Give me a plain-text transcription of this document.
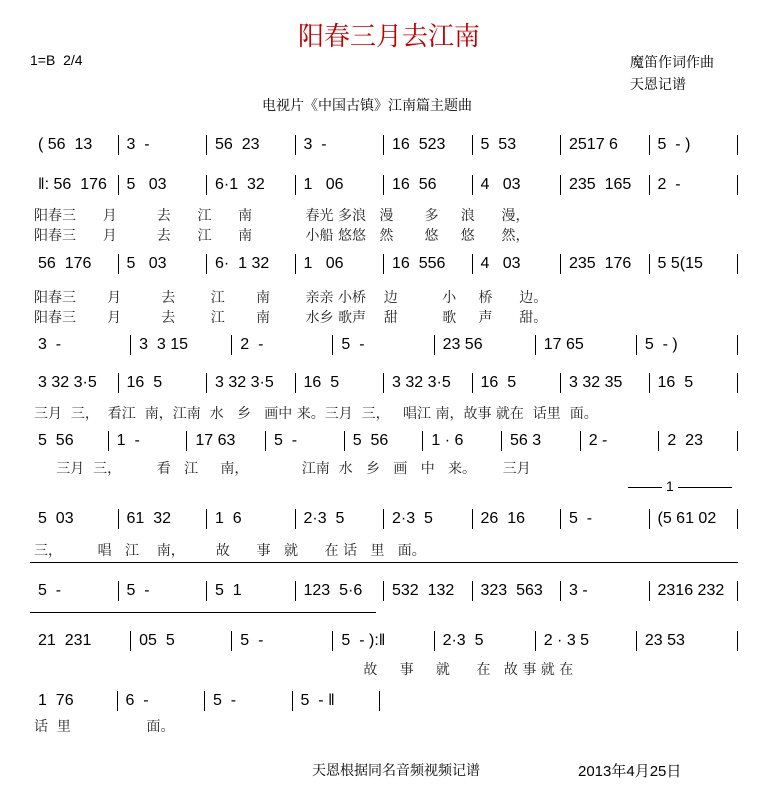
阳春三月去江南
1=B  2/4	魔笛作词作曲
天恩记谱
电视片《中国古镇》江南篇主题曲
1
天恩根据同名音频视频记谱	2013年4月25日
( 56  13	3  -	56  23	3  -	16  523	5  53	2517 6	5  - )
‖: 56  176	5   03	6·1  32	1   06	16  56	4   03	235  165	2  -
56  176	5   03	6·  1 32	1   06	16  556	4   03	235  176	5 5(15
3  -	3  3 15	2  -	5  -	23 56	17 65	5  - )
3 32 3·5	16  5	3 32 3·5	16  5	3 32 3·5	16  5	3 32 35	16  5
5  56	1  -	17 63	5  -	5  56	1 · 6	56 3	2 -	2  23
5  03	61  32	1  6	2·3  5	2·3  5	26  16	5  -	(5 61 02
5  -	5  -	5  1	123  5·6	532  132	323  563	3 -	2316 232
21  231	05  5	5  -	5  - ):‖	2·3  5	2 · 3 5	23 53
1  76	6  -	5  -	5  - ‖
阳春三      月         去      江      南            春光 多浪   漫       多     浪      漫，
阳春三      月         去      江      南            小船 悠悠   然       悠     悠      然，
阳春三       月         去        江       南        亲亲 小桥    边          小     桥      边。
阳春三       月         去        江       南        水乡 歌声    甜          歌     声      甜。
三月  三，  看江  南，江南  水   乡   画中 来。三月  三，   唱江 南，故事 就在  话里  面。
三月  三，        看   江     南，            江南  水   乡   画   中   来。      三月
三，        唱   江    南，       故      事   就      在 话   里   面。
故     事     就      在   故 事 就 在
话  里                 面。
